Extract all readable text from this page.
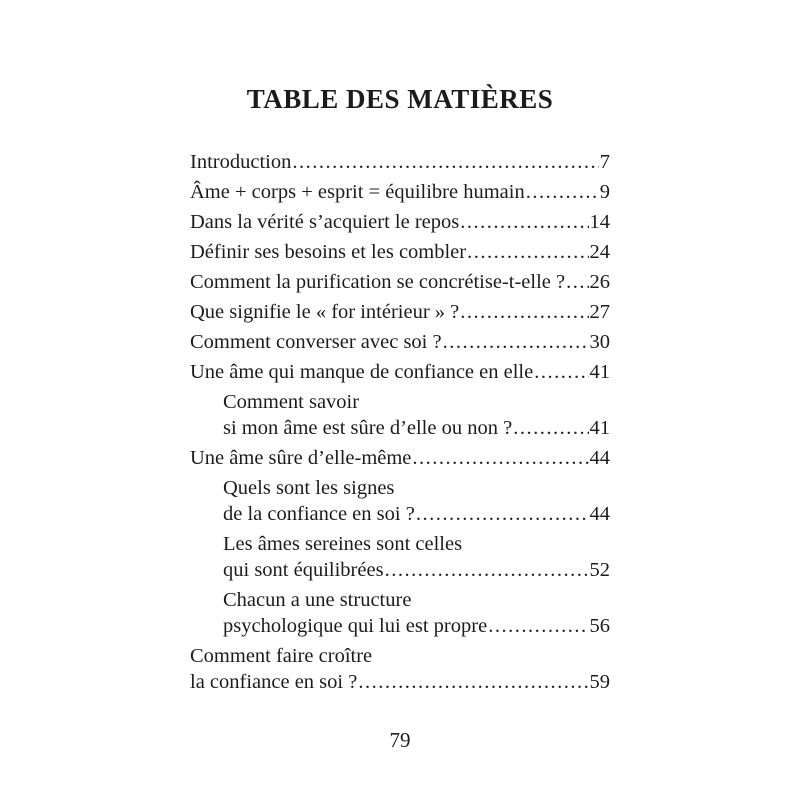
TABLE DES MATIÈRES
Introduction .....	7
Âme + corps + esprit = équilibre humain .....	9
Dans la vérité s’acquiert le repos .....	14
Définir ses besoins et les combler .....	24
Comment la purification se concrétise-t-elle ? ..... 26
Que signifie le « for intérieur » ? .....	27
Comment converser avec soi ? .....	30
Une âme qui manque de confiance en elle .....	41
Comment savoir
si mon âme est sûre d’elle ou non ? .....	41
Une âme sûre d’elle-même .....	44
Quels sont les signes
de la confiance en soi ? .....	44
Les âmes sereines sont celles
qui sont équilibrées .....	52
Chacun a une structure
psychologique qui lui est propre .....	56
Comment faire croître
la confiance en soi ? .....	59
79
